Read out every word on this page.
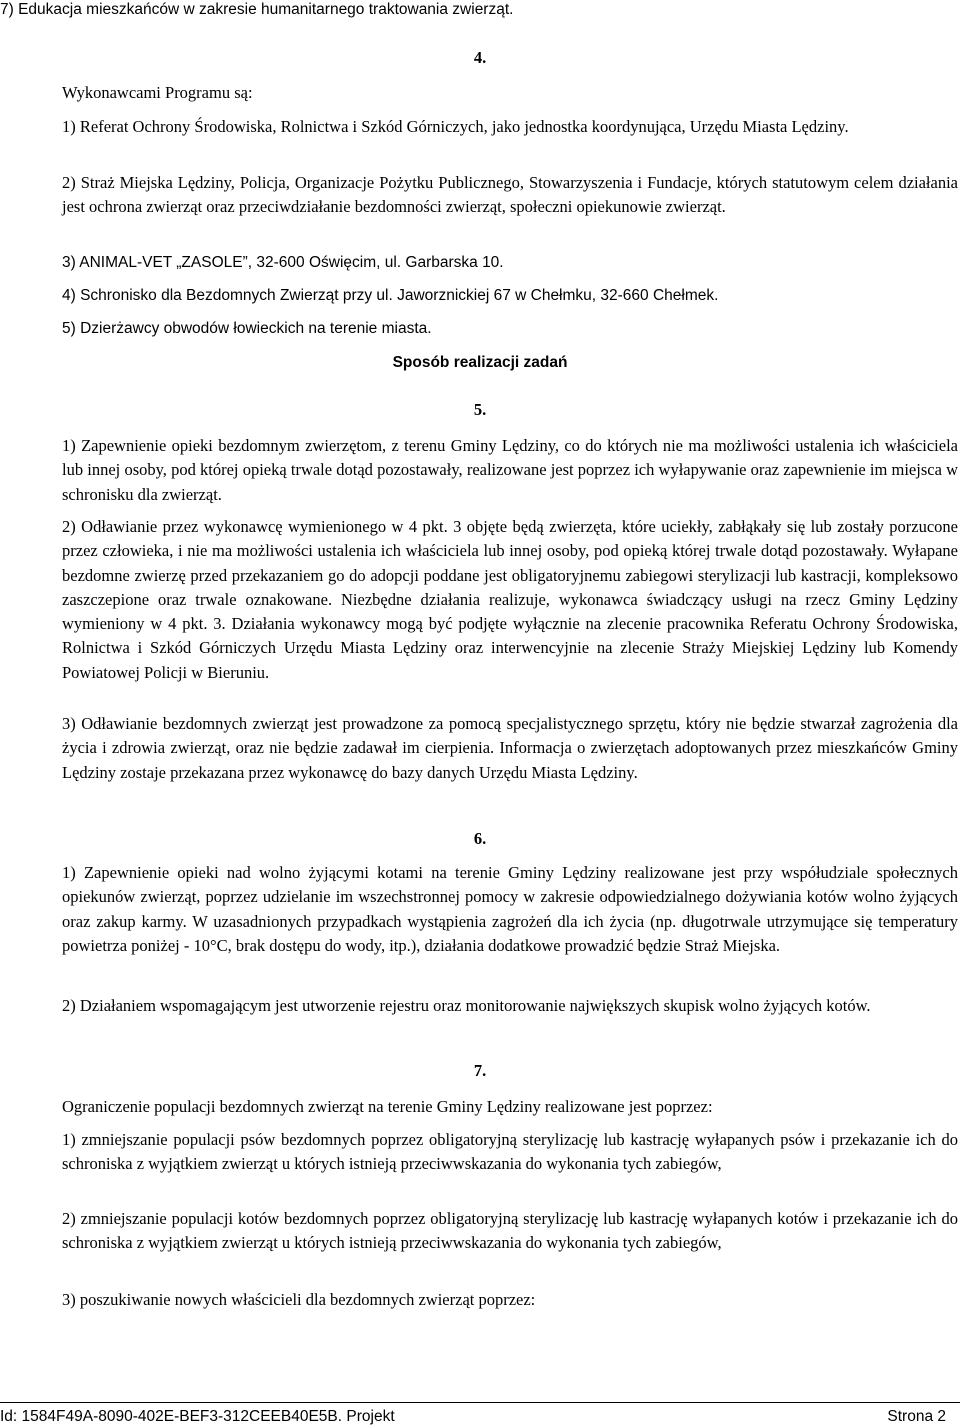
7) Edukacja mieszkańców w zakresie humanitarnego traktowania zwierząt.
4.
Wykonawcami Programu są:
1) Referat Ochrony Środowiska, Rolnictwa i Szkód Górniczych, jako jednostka koordynująca, Urzędu Miasta Lędziny.
2) Straż Miejska Lędziny, Policja, Organizacje Pożytku Publicznego, Stowarzyszenia i Fundacje, których statutowym celem działania jest ochrona zwierząt oraz przeciwdziałanie bezdomności zwierząt, społeczni opiekunowie zwierząt.
3) ANIMAL-VET „ZASOLE”, 32-600 Oświęcim, ul. Garbarska 10.
4) Schronisko dla Bezdomnych Zwierząt przy ul. Jaworznickiej 67 w Chełmku, 32-660 Chełmek.
5) Dzierżawcy obwodów łowieckich na terenie miasta.
Sposób realizacji zadań
5.
1) Zapewnienie opieki bezdomnym zwierzętom, z terenu Gminy Lędziny, co do których nie ma możliwości ustalenia ich właściciela lub innej osoby, pod której opieką trwale dotąd pozostawały, realizowane jest poprzez ich wyłapywanie oraz zapewnienie im miejsca w schronisku dla zwierząt.
2) Odławianie przez wykonawcę wymienionego w 4 pkt. 3 objęte będą zwierzęta, które uciekły, zabłąkały się lub zostały porzucone przez człowieka, i nie ma możliwości ustalenia ich właściciela lub innej osoby, pod opieką której trwale dotąd pozostawały. Wyłapane bezdomne zwierzę przed przekazaniem go do adopcji poddane jest obligatoryjnemu zabiegowi sterylizacji lub kastracji, kompleksowo zaszczepione oraz trwale oznakowane. Niezbędne działania realizuje, wykonawca świadczący usługi na rzecz Gminy Lędziny wymieniony w 4 pkt. 3. Działania wykonawcy mogą być podjęte wyłącznie na zlecenie pracownika Referatu Ochrony Środowiska, Rolnictwa i Szkód Górniczych Urzędu Miasta Lędziny oraz interwencyjnie na zlecenie Straży Miejskiej Lędziny lub Komendy Powiatowej Policji w Bieruniu.
3) Odławianie bezdomnych zwierząt jest prowadzone za pomocą specjalistycznego sprzętu, który nie będzie stwarzał zagrożenia dla życia i zdrowia zwierząt, oraz nie będzie zadawał im cierpienia. Informacja o zwierzętach adoptowanych przez mieszkańców Gminy Lędziny zostaje przekazana przez wykonawcę do bazy danych Urzędu Miasta Lędziny.
6.
1) Zapewnienie opieki nad wolno żyjącymi kotami na terenie Gminy Lędziny realizowane jest przy współudziale społecznych opiekunów zwierząt, poprzez udzielanie im wszechstronnej pomocy w zakresie odpowiedzialnego dożywiania kotów wolno żyjących oraz zakup karmy. W uzasadnionych przypadkach wystąpienia zagrożeń dla ich życia (np. długotrwale utrzymujące się temperatury powietrza poniżej - 10°C, brak dostępu do wody, itp.), działania dodatkowe prowadzić będzie Straż Miejska.
2) Działaniem wspomagającym jest utworzenie rejestru oraz monitorowanie największych skupisk wolno żyjących kotów.
7.
Ograniczenie populacji bezdomnych zwierząt na terenie Gminy Lędziny realizowane jest poprzez:
1) zmniejszanie populacji psów bezdomnych poprzez obligatoryjną sterylizację lub kastrację wyłapanych psów i przekazanie ich do schroniska z wyjątkiem zwierząt u których istnieją przeciwwskazania do wykonania tych zabiegów,
2) zmniejszanie populacji kotów bezdomnych poprzez obligatoryjną sterylizację lub kastrację wyłapanych kotów i przekazanie ich do schroniska z wyjątkiem zwierząt u których istnieją przeciwwskazania do wykonania tych zabiegów,
3) poszukiwanie nowych właścicieli dla bezdomnych zwierząt poprzez:
Id: 1584F49A-8090-402E-BEF3-312CEEB40E5B. Projekt	Strona 2
